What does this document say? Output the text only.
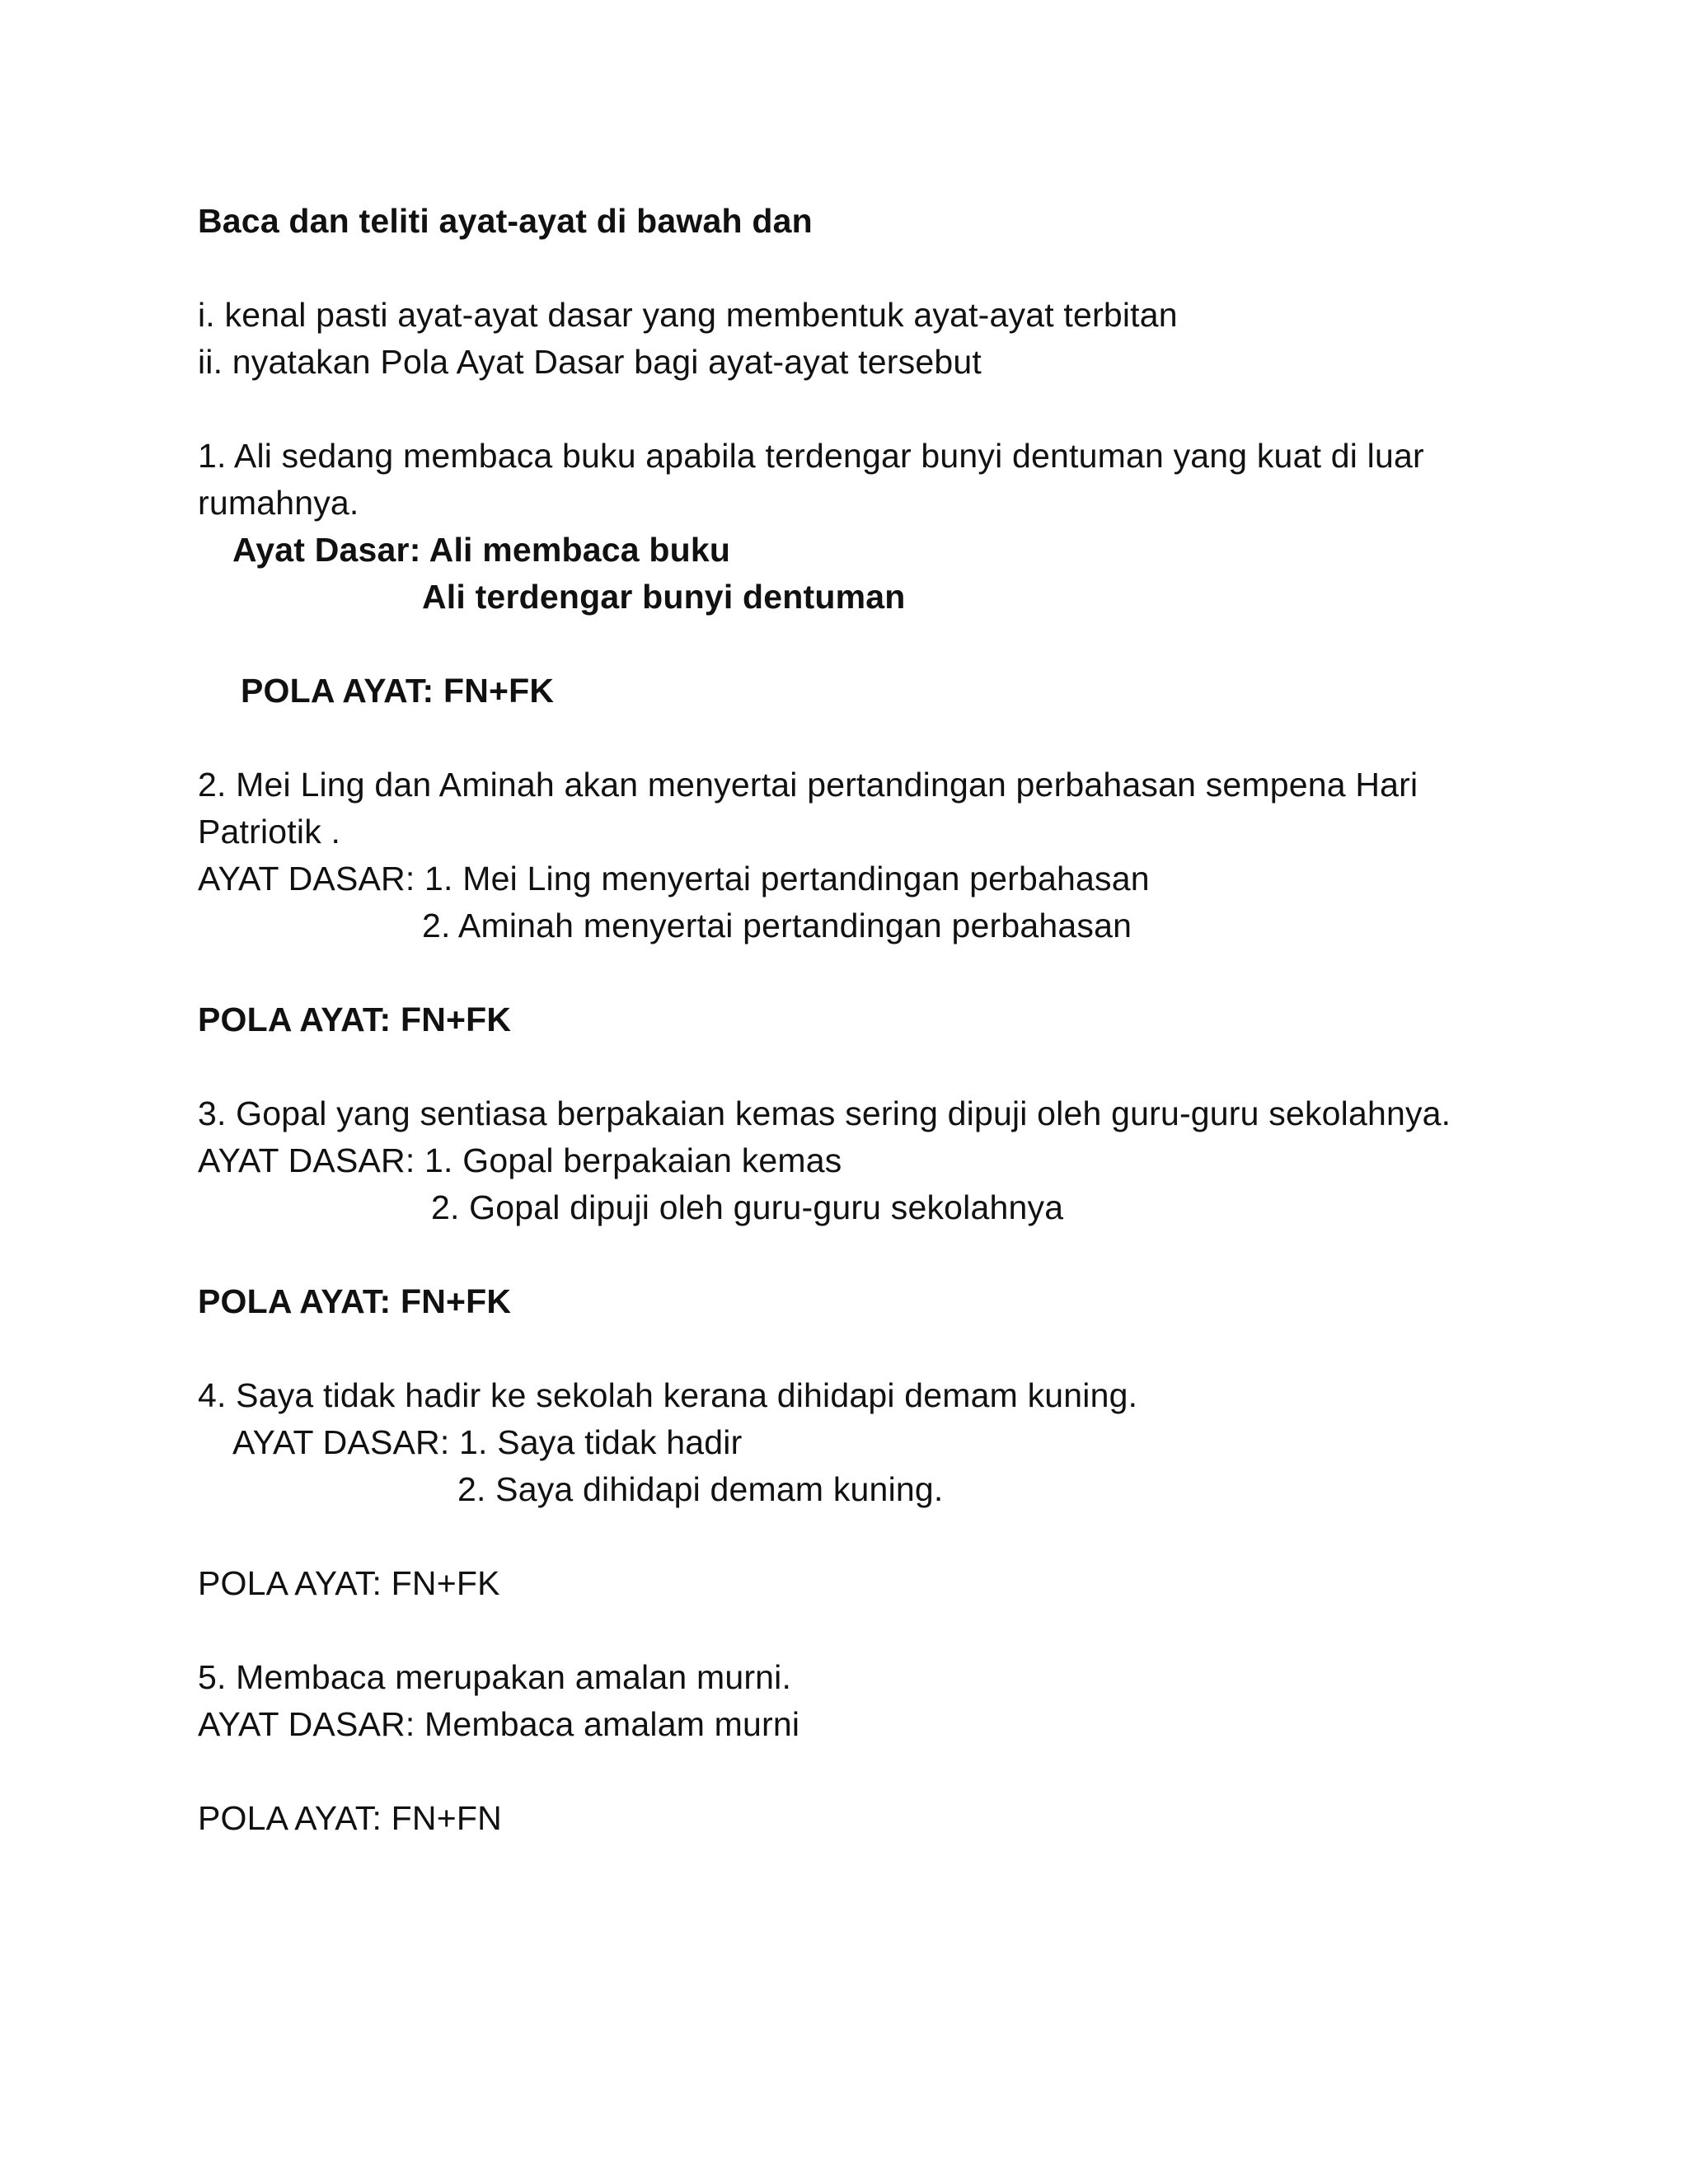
Baca dan teliti ayat-ayat di bawah dan
i. kenal pasti ayat-ayat dasar yang membentuk ayat-ayat terbitan
ii. nyatakan Pola Ayat Dasar bagi ayat-ayat tersebut
1. Ali sedang membaca buku apabila terdengar bunyi dentuman yang kuat di luar
rumahnya.
Ayat Dasar: Ali membaca buku
Ali terdengar bunyi dentuman
POLA AYAT: FN+FK
2. Mei Ling dan Aminah akan menyertai pertandingan perbahasan sempena Hari
Patriotik .
AYAT DASAR: 1. Mei Ling menyertai pertandingan perbahasan
2. Aminah menyertai pertandingan perbahasan
POLA AYAT: FN+FK
3. Gopal yang sentiasa berpakaian kemas sering dipuji oleh guru-guru sekolahnya.
AYAT DASAR: 1. Gopal berpakaian kemas
2. Gopal dipuji oleh guru-guru sekolahnya
POLA AYAT: FN+FK
4. Saya tidak hadir ke sekolah kerana dihidapi demam kuning.
AYAT DASAR: 1. Saya tidak hadir
2. Saya dihidapi demam kuning.
POLA AYAT: FN+FK
5. Membaca merupakan amalan murni.
AYAT DASAR: Membaca amalam murni
POLA AYAT: FN+FN
